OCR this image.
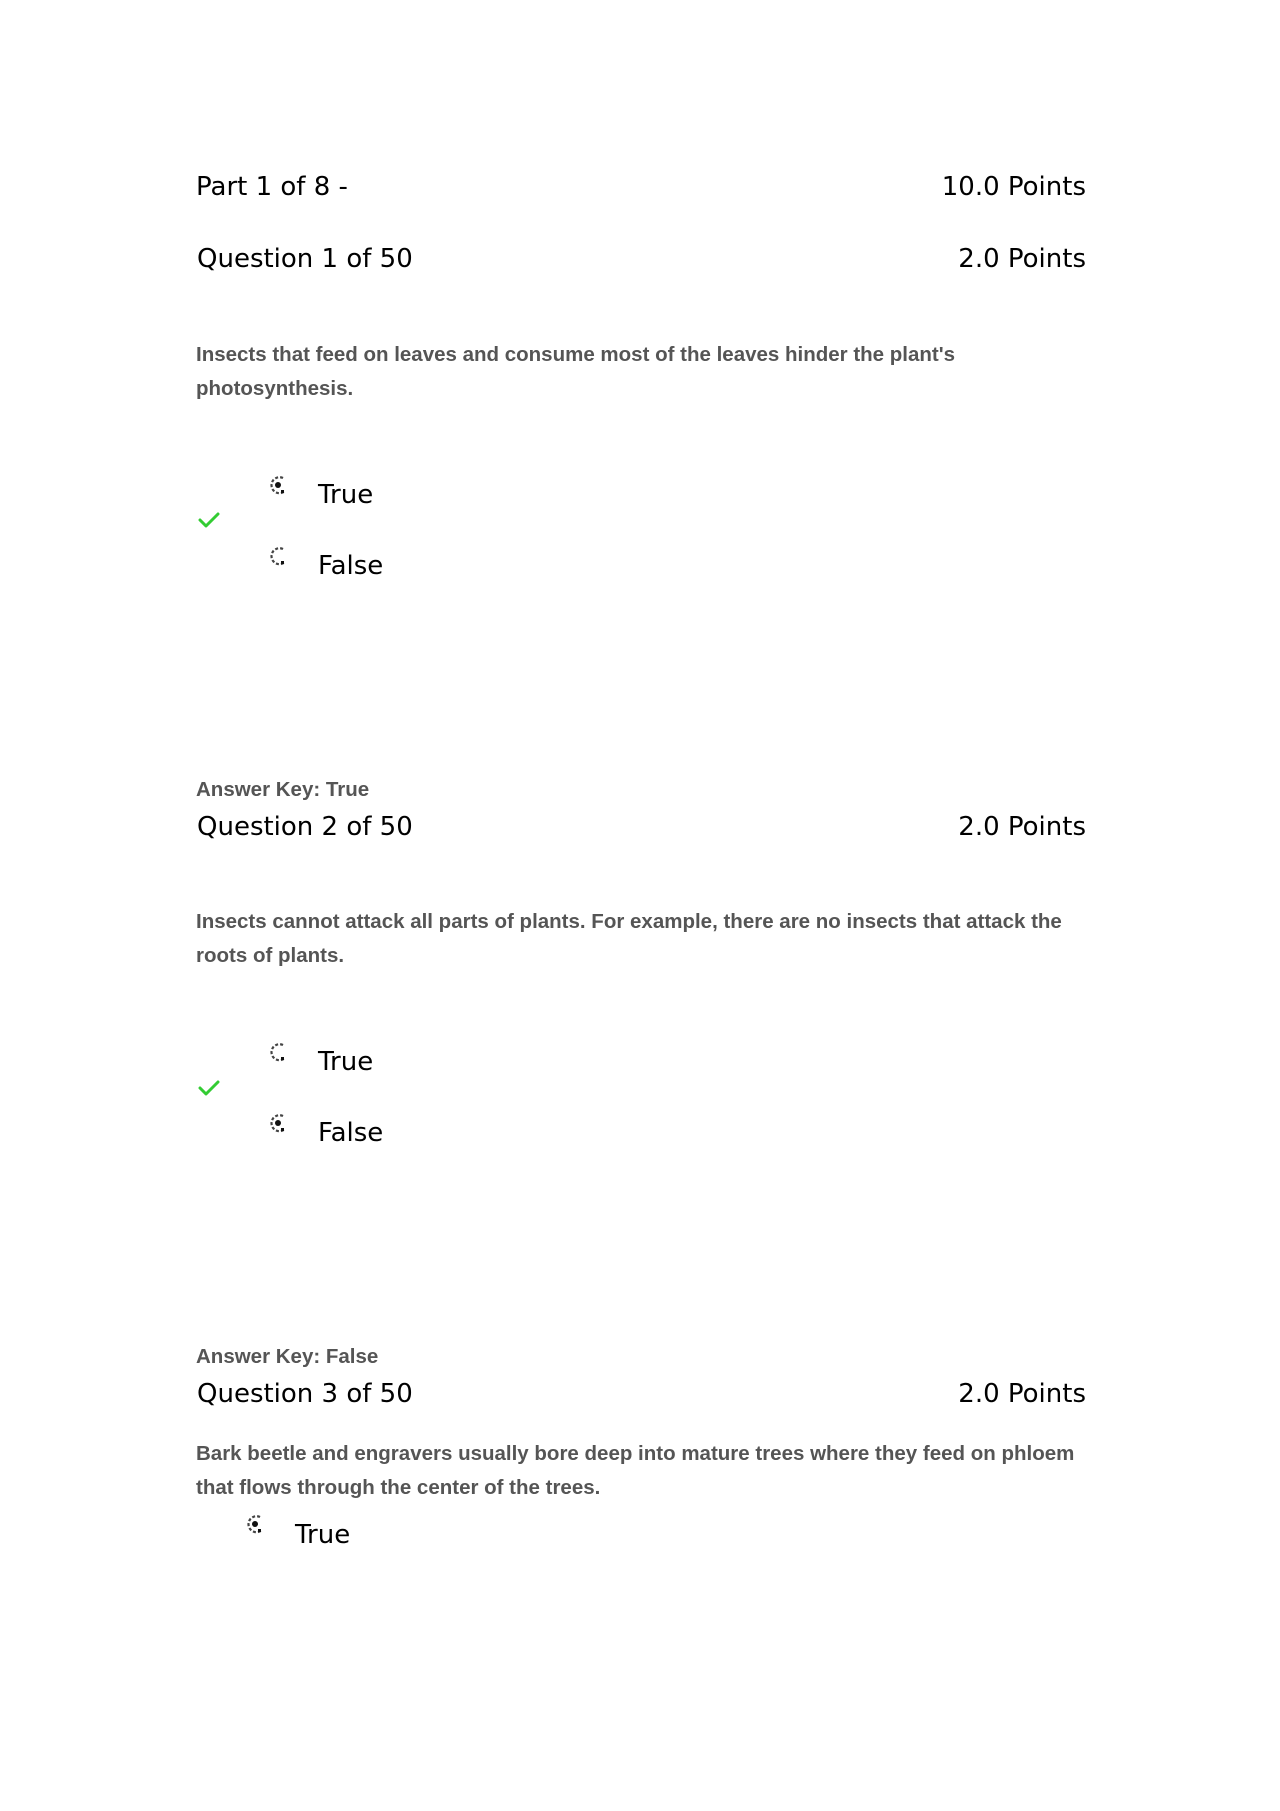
Part 1 of 8 -	10.0 Points
Question 1 of 50	2.0 Points
Insects that feed on leaves and consume most of the leaves hinder the plant's photosynthesis.
True
False
Answer Key: True
Question 2 of 50	2.0 Points
Insects cannot attack all parts of plants. For example, there are no insects that attack the roots of plants.
True
False
Answer Key: False
Question 3 of 50	2.0 Points
Bark beetle and engravers usually bore deep into mature trees where they feed on phloem that flows through the center of the trees.
True
